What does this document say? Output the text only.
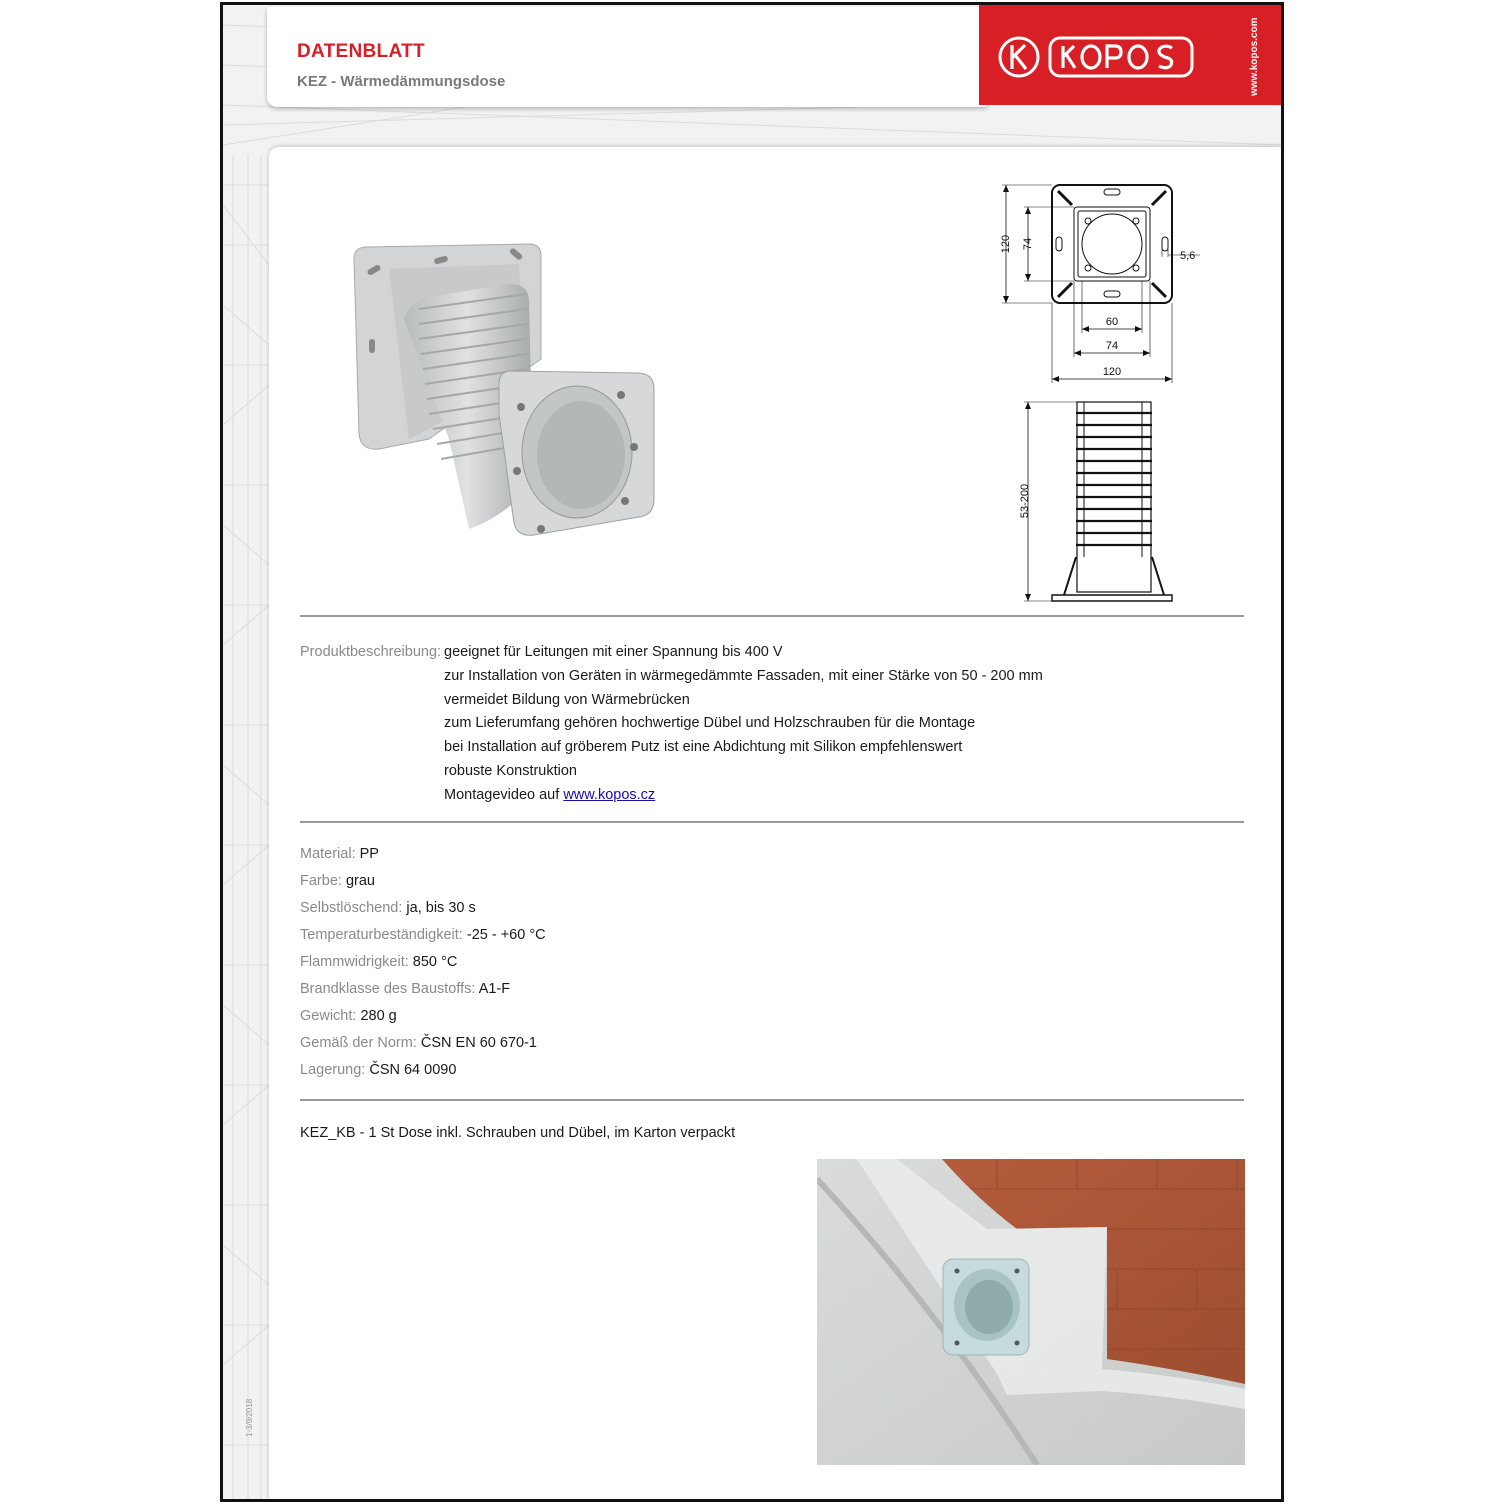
DATENBLATT
KEZ - Wärmedämmungsdose	www.kopos.com
120 74
5,6
60
74
120
53-200
Produktbeschreibung: geeignet für Leitungen mit einer Spannung bis 400 V
zur Installation von Geräten in wärmegedämmte Fassaden, mit einer Stärke von 50 - 200 mm
vermeidet Bildung von Wärmebrücken
zum Lieferumfang gehören hochwertige Dübel und Holzschrauben für die Montage
bei Installation auf gröberem Putz ist eine Abdichtung mit Silikon empfehlenswert
robuste Konstruktion
Montagevideo auf www.kopos.cz
Material: PP
Farbe: grau
Selbstlöschend: ja, bis 30 s
Temperaturbeständigkeit: -25 - +60 °C
Flammwidrigkeit: 850 °C
Brandklasse des Baustoffs: A1-F
Gewicht: 280 g
Gemäß der Norm: ČSN EN 60 670-1
Lagerung: ČSN 64 0090
KEZ_KB - 1 St Dose inkl. Schrauben und Dübel, im Karton verpackt
1-3/9/2018
